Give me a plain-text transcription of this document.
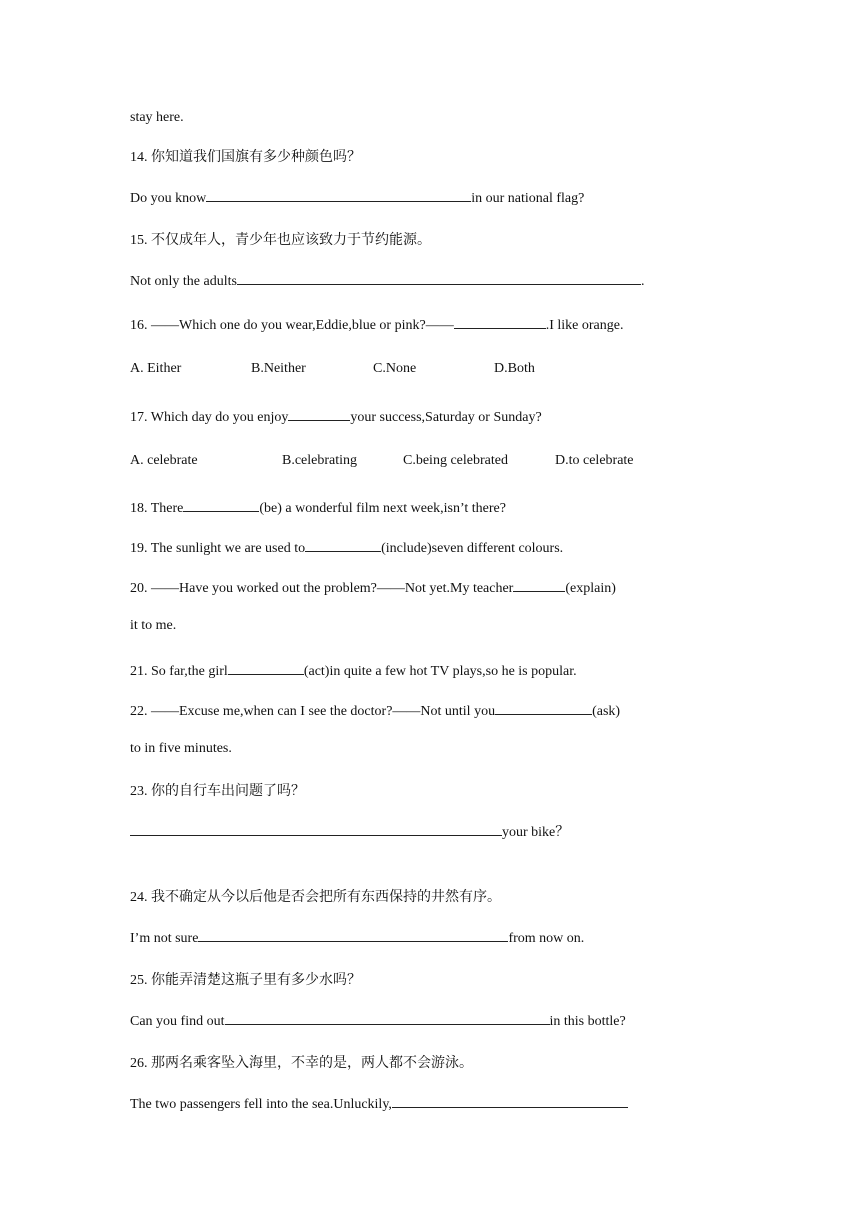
stay here.
14. 你知道我们国旗有多少种颜色吗？
Do you know	in our national flag?
15. 不仅成年人，青少年也应该致力于节约能源。
Not only the adults	.
16. ——Which one do you wear,Eddie,blue or pink?——	.I like orange.
A. Either	B.Neither	C.None	D.Both
17. Which day do you enjoy	your success,Saturday or Sunday?
A. celebrate	B.celebrating	C.being celebrated	D.to celebrate
18. There	(be) a wonderful film next week,isn’t there?
19. The sunlight we are used to	(include)seven different colours.
20. ——Have you worked out the problem?——Not yet.My teacher	(explain)
it to me.
21. So far,the girl	(act)in quite a few hot TV plays,so he is popular.
22. ——Excuse me,when can I see the doctor?——Not until you	(ask)
to in five minutes.
23. 你的自行车出问题了吗？
your bike？
24. 我不确定从今以后他是否会把所有东西保持的井然有序。
I’m not sure	from now on.
25. 你能弄清楚这瓶子里有多少水吗？
Can you find out	in this bottle?
26. 那两名乘客坠入海里，不幸的是，两人都不会游泳。
The two passengers fell into the sea.Unluckily,
